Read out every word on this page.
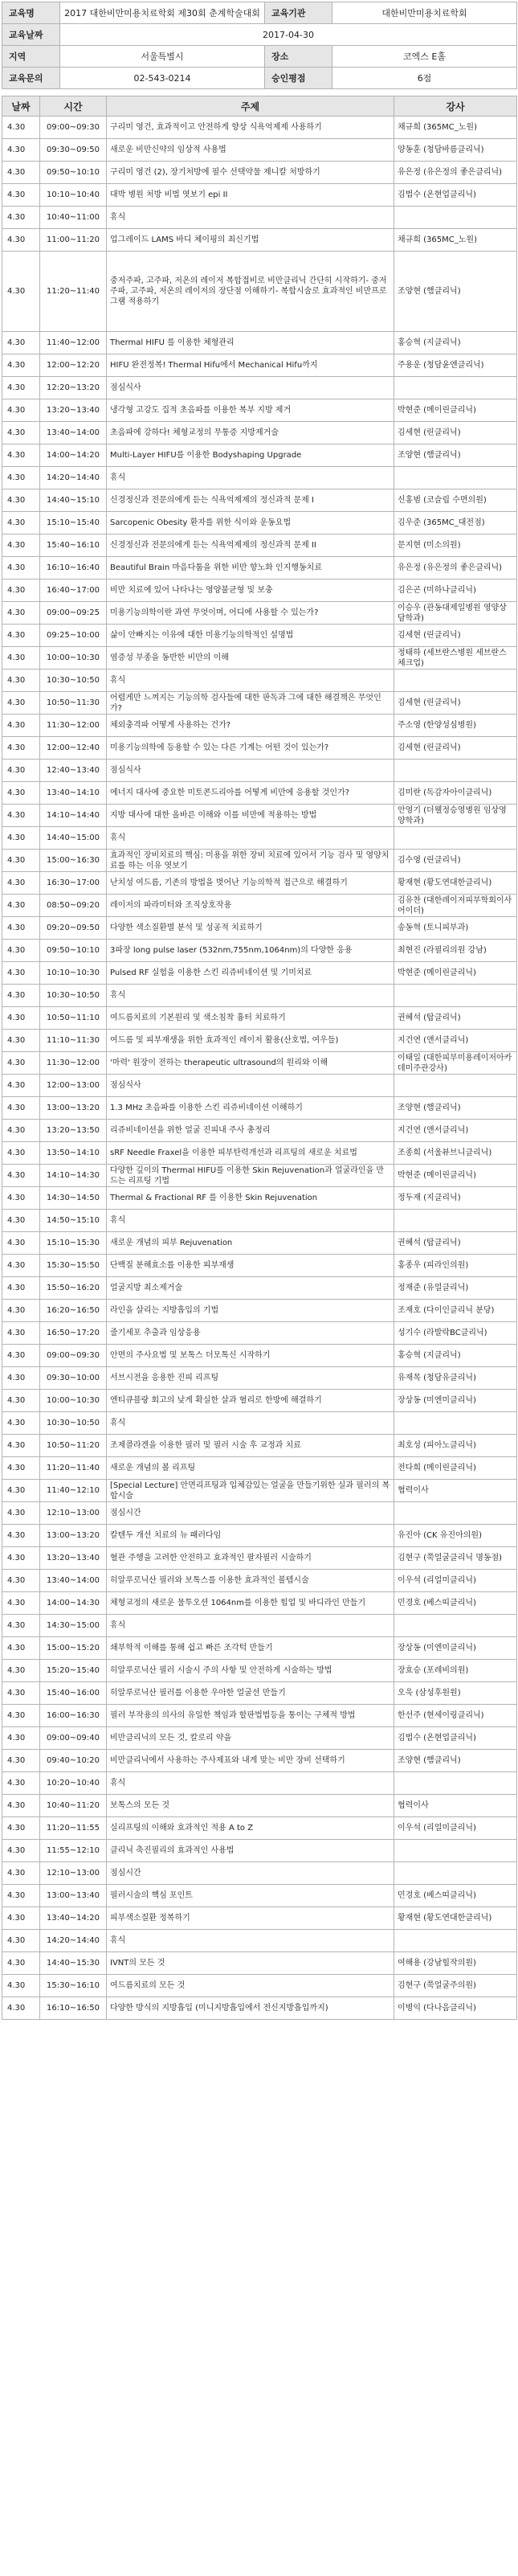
교육명	2017 대한비만미용치료학회 제30회 춘계학술대회	교육기관	대한비만미용치료학회
교육날짜	2017-04-30		
지역	서울특별시	장소	코엑스 E홀
교육문의	02-543-0214	승인평점	6점
날짜	시간	주제	강사
4.30	09:00~09:30	구리미 영건, 효과적이고 안전하게 향상 식욕억제제 사용하기	채규희 (365MC_노원)
4.30	09:30~09:50	새로운 비만신약의 임상적 사용법	양동훈 (청담바름클리닉)
4.30	09:50~10:10	구리미 영건 (2), 장기처방에 필수 선택약물 제니칼 처방하기	유은정 (유은정의 좋은클리닉)
4.30	10:10~10:40	대박 병원 처방 비법 엿보기 epi II	김법수 (온현업클리닉)
4.30	10:40~11:00	휴식	
4.30	11:00~11:20	업그레이드 LAMS 바디 체이핑의 최신기법	채규희 (365MC_노원)
4.30	11:20~11:40	중저주파, 고주파, 저온의 레이저 복합접비로 비만클리닉 간단히 시작하기- 중저주파, 고주파, 저온의 레이저의 장단점 이해하기- 복합시술로 효과적인 비만프로그램 적용하기	조양현 (햄클리닉)
4.30	11:40~12:00	Thermal HIFU 를 이용한 체형관리	홍승혁 (지클리닉)
4.30	12:00~12:20	HIFU 완전정복! Thermal Hifu에서 Mechanical Hifu까지	주용운 (청담윤앤클리닉)
4.30	12:20~13:20	점심식사	
4.30	13:20~13:40	냉각형 고강도 집적 초음파를 이용한 복부 지방 제거	박현준 (메이린클리닉)
4.30	13:40~14:00	초음파에 강하다! 체형교정의 무통증 지방제거술	김세현 (린클리닉)
4.30	14:00~14:20	Multi-Layer HIFU를 이용한 Bodyshaping Upgrade	조양현 (햄클리닉)
4.30	14:20~14:40	휴식	
4.30	14:40~15:10	신경정신과 전문의에게 듣는 식욕억제제의 정신과적 문제 I	신홍범 (코슬립 수면의원)
4.30	15:10~15:40	Sarcopenic Obesity 환자를 위한 식이와 운동요법	김우준 (365MC_대전점)
4.30	15:40~16:10	신경정신과 전문의에게 듣는 식욕억제제의 정신과적 문제 II	문지현 (미소의원)
4.30	16:10~16:40	Beautiful Brain 마음다툼을 위한 비만 향노화 인지행동치료	유은정 (유은정의 좋은클리닉)
4.30	16:40~17:00	비만 치료에 있어 나타나는 영양불균형 및 보충	김은곤 (미하나클리닉)
4.30	09:00~09:25	미용기능의학이란 과연 무엇이며, 어디에 사용할 수 있는가?	이승우 (관동대제일병원 영양상담학과)
4.30	09:25~10:00	삶이 안빠지는 이유에 대한 미용기능의학적인 설명법	김세현 (린클리닉)
4.30	10:00~10:30	염증성 부종을 동반한 비만의 이해	정태하 (세브란스병원 세브란스체크업)
4.30	10:30~10:50	휴식	
4.30	10:50~11:30	어렵게만 느껴지는 기능의학 검사들에 대한 판독과 그에 대한 해결책은 무엇인가?	김세현 (린클리닉)
4.30	11:30~12:00	체외충격파 어떻게 사용하는 건가?	주소영 (한양성심병원)
4.30	12:00~12:40	미용기능의학에 등용할 수 있는 다른 기계는 어떤 것이 있는가?	김세현 (린클리닉)
4.30	12:40~13:40	점심식사	
4.30	13:40~14:10	에너지 대사에 중요한 미토콘드리아를 어떻게 비만에 응용할 것인가?	김미란 (독감자아이클리닉)
4.30	14:10~14:40	지방 대사에 대한 올바른 이해와 이를 비만에 적용하는 방법	안영기 (더웰정승영병원 임상영양학과)
4.30	14:40~15:00	휴식	
4.30	15:00~16:30	효과적인 장비치료의 핵심: 미용을 위한 장비 치료에 있어서 기능 검사 및 영양치료를 하는 이유 엿보기	김수영 (린클리닉)
4.30	16:30~17:00	난치성 여드름, 기존의 방법을 벗어난 기능의학적 접근으로 해결하기	황재현 (황도연대한클리닉)
4.30	08:50~09:20	레이저의 파라미터와 조직상호작용	김유찬 (대한레이저피부학회이사어이더)
4.30	09:20~09:50	다양한 색소질환별 분석 및 성공적 치료하기	송동혁 (토니피부과)
4.30	09:50~10:10	3파장 long pulse laser (532nm,755nm,1064nm)의 다양한 응용	최현진 (라필리의원 강남)
4.30	10:10~10:30	Pulsed RF 실험을 이용한 스킨 리쥬비네이션 및 기미치료	박현준 (메이린클리닉)
4.30	10:30~10:50	휴식	
4.30	10:50~11:10	여드름치료의 기본원리 및 색소침착 흉터 치료하기	권혜석 (탑클리닉)
4.30	11:10~11:30	여드름 및 피부재생을 위한 효과적인 레이저 활용(산호법, 여우들)	지건연 (앤서클리닉)
4.30	11:30~12:00	'마력' 원장이 전하는 therapeutic ultrasound의 원리와 이해	이태일 (대한피부미용레이저아카데미주관강사)
4.30	12:00~13:00	점심식사	
4.30	13:00~13:20	1.3 MHz 초음파를 이용한 스킨 리쥬비네이션 이해하기	조양현 (햄클리닉)
4.30	13:20~13:50	리쥬비네이션을 위한 얼굴 진피내 주사 총정리	지건연 (앤서클리닉)
4.30	13:50~14:10	sRF Needle Fraxel을 이용한 피부탄력개선과 리프팅의 새로운 치료법	조종희 (서울뷰브니클리닉)
4.30	14:10~14:30	다양한 깊이의 Thermal HIFU를 이용한 Skin Rejuvenation과 얼굴라인을 만드는 리프팅 기법	박현준 (메이린클리닉)
4.30	14:30~14:50	Thermal & Fractional RF 를 이용한 Skin Rejuvenation	정두재 (지클리닉)
4.30	14:50~15:10	휴식	
4.30	15:10~15:30	새로운 개념의 피부 Rejuvenation	권혜석 (탑클리닉)
4.30	15:30~15:50	단백질 분해효소를 이용한 피부재생	홍종우 (피라인의원)
4.30	15:50~16:20	얼굴지방 최소제거술	정재준 (유얼클리닉)
4.30	16:20~16:50	라인을 살리는 지방흡입의 기법	조재호 (다이인클리닉 분당)
4.30	16:50~17:20	줄기세포 추출과 임상응용	성기수 (라발락BC클리닉)
4.30	09:00~09:30	안면의 주사요법 및 보톡스 더모톡신 시작하기	홍승혁 (지클리닉)
4.30	09:30~10:00	서브시전을 응용한 진피 리프팅	유재목 (청담유클리닉)
4.30	10:00~10:30	엔티큐블랑 회고의 낮게 확실한 살과 혈리로 한방에 해결하기	장상동 (미엔미클리닉)
4.30	10:30~10:50	휴식	
4.30	10:50~11:20	조제콜라겐을 이용한 필러 및 필러 시술 후 교정과 치료	최호성 (피아노클리닉)
4.30	11:20~11:40	새로운 개념의 볼 리프팅	전다희 (메이린클리닉)
4.30	11:40~12:10	[Special Lecture] 안면리프팅과 입체감있는 얼굴을 만들기위한 실과 필러의 복합시술	협력이사
4.30	12:10~13:00	점심시간	
4.30	13:00~13:20	칼텐두 개선 치료의 뉴 패러다임	유진아 (CK 유진아의원)
4.30	13:20~13:40	혈관 주행을 고려한 안전하고 효과적인 팔자필러 시술하기	김현구 (쭉얼굴클리닉 명동점)
4.30	13:40~14:00	히알루로닉산 필러와 보톡스를 이용한 효과적인 볼텝시술	이우석 (리얼미클리닉)
4.30	14:00~14:30	체형교정의 새로운 물투오션 1064nm를 이용한 힙업 및 바디라인 만들기	민경호 (베스띠클리닉)
4.30	14:30~15:00	휴식	
4.30	15:00~15:20	쇄부학적 이해를 통해 쉽고 빠른 조각턱 만들기	장상동 (미엔미클리닉)
4.30	15:20~15:40	히알루로닉산 필러 시술시 주의 사항 및 안전하게 시술하는 방법	장효승 (포레비의원)
4.30	15:40~16:00	히알루로닉산 필러를 이용한 우아한 얼굴선 만들기	오욱 (삼성후원원)
4.30	16:00~16:30	필러 부작용의 의사의 유일한 책임과 할판법법등을 통이는 구체적 방법	한선주 (현세이링클리닉)
4.30	09:00~09:40	비만클리닉의 모든 것, 칼로리 약을	김법수 (온현업클리닉)
4.30	09:40~10:20	비만클리닉에서 사용하는 주사제표와 내게 맞는 비만 장비 선택하기	조양현 (햄클리닉)
4.30	10:20~10:40	휴식	
4.30	10:40~11:20	보톡스의 모든 것	협력이사
4.30	11:20~11:55	실리프팅의 이해와 효과적인 적용 A to Z	이우석 (리얼미클리닉)
4.30	11:55~12:10	클리닉 축진필리의 효과적인 사용법	
4.30	12:10~13:00	점심시간	
4.30	13:00~13:40	필러시술의 핵심 포인트	민경호 (베스띠클리닉)
4.30	13:40~14:20	피부색소질환 정복하기	황재현 (황도연대한클리닉)
4.30	14:20~14:40	휴식	
4.30	14:40~15:30	IVNT의 모든 것	여해용 (강남힐작의원)
4.30	15:30~16:10	여드름치료의 모든 것	김현구 (쭉얼굴주의원)
4.30	16:10~16:50	다양한 방식의 지방흡입 (미니지방흡입에서 전신지방흡입까지)	이병익 (다나음클리닉)
